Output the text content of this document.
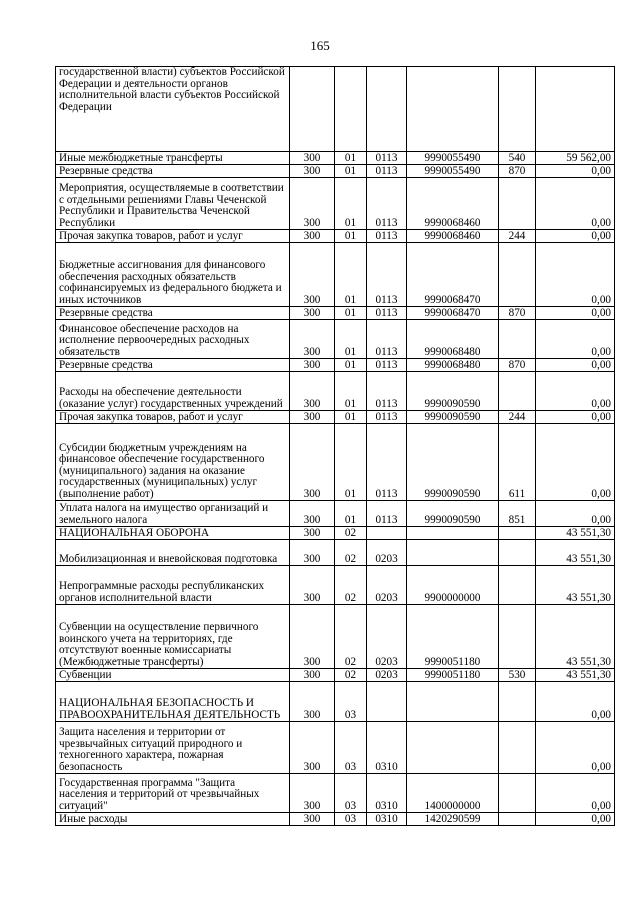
165
государственной власти) субъектов Российской Федерации и деятельности органов исполнительной власти субъектов Российской Федерации						
Иные межбюджетные трансферты	300	01	0113	9990055490	540	59 562,00
Резервные средства	300	01	0113	9990055490	870	0,00
Мероприятия, осуществляемые в соответствии с отдельными решениями Главы Чеченской Республики и Правительства Чеченской Республики	300	01	0113	9990068460		0,00
Прочая закупка товаров, работ и услуг	300	01	0113	9990068460	244	0,00
Бюджетные ассигнования для финансового обеспечения расходных обязательств софинансируемых из федерального бюджета и иных источников	300	01	0113	9990068470		0,00
Резервные средства	300	01	0113	9990068470	870	0,00
Финансовое обеспечение расходов на исполнение первоочередных расходных обязательств	300	01	0113	9990068480		0,00
Резервные средства	300	01	0113	9990068480	870	0,00
Расходы на обеспечение деятельности (оказание услуг) государственных учреждений	300	01	0113	9990090590		0,00
Прочая закупка товаров, работ и услуг	300	01	0113	9990090590	244	0,00
Субсидии бюджетным учреждениям на финансовое обеспечение государственного (муниципального) задания на оказание государственных (муниципальных) услуг (выполнение работ)	300	01	0113	9990090590	611	0,00
Уплата налога на имущество организаций и земельного налога	300	01	0113	9990090590	851	0,00
НАЦИОНАЛЬНАЯ ОБОРОНА	300	02				43 551,30
Мобилизационная и вневойсковая подготовка	300	02	0203			43 551,30
Непрограммные расходы республиканских органов исполнительной власти	300	02	0203	9900000000		43 551,30
Субвенции на осуществление первичного воинского учета на территориях, где отсутствуют военные комиссариаты (Межбюджетные трансферты)	300	02	0203	9990051180		43 551,30
Субвенции	300	02	0203	9990051180	530	43 551,30
НАЦИОНАЛЬНАЯ БЕЗОПАСНОСТЬ И ПРАВООХРАНИТЕЛЬНАЯ ДЕЯТЕЛЬНОСТЬ	300	03				0,00
Защита населения и территории от чрезвычайных ситуаций природного и техногенного характера, пожарная безопасность	300	03	0310			0,00
Государственная программа "Защита населения и территорий от чрезвычайных ситуаций"	300	03	0310	1400000000		0,00
Иные расходы	300	03	0310	1420290599		0,00
